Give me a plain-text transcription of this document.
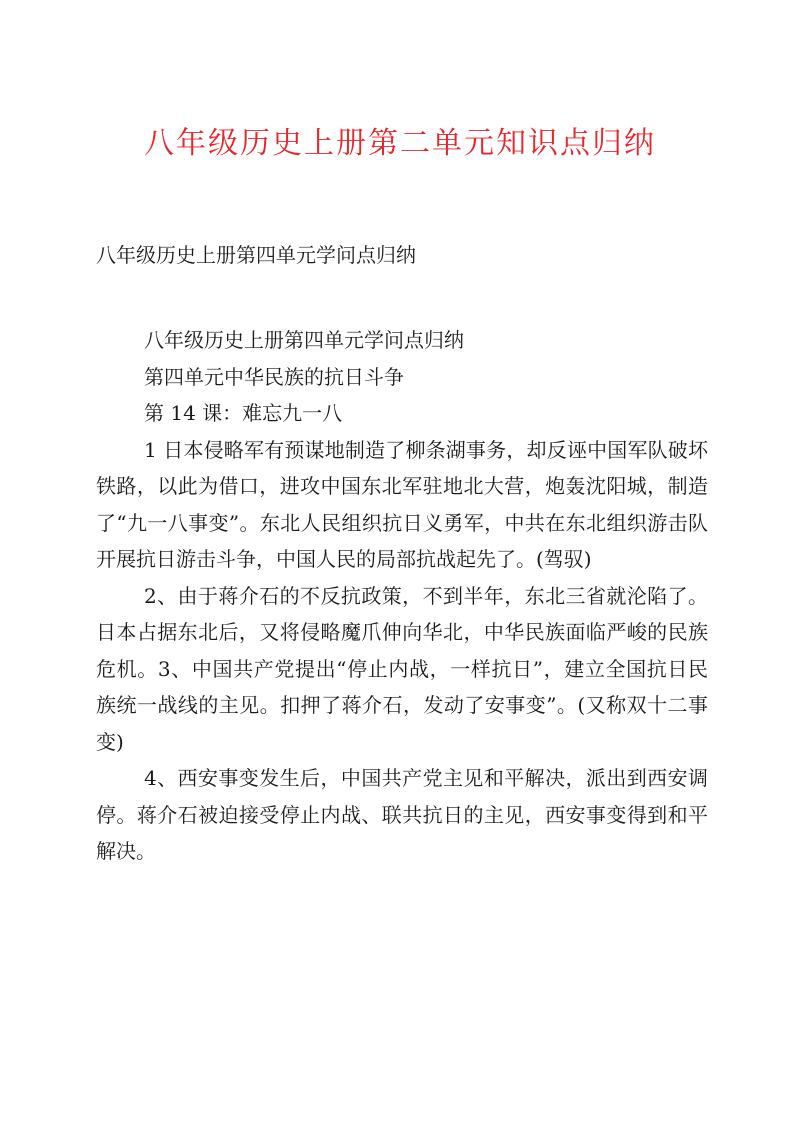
八年级历史上册第二单元知识点归纳
八年级历史上册第四单元学问点归纳

八年级历史上册第四单元学问点归纳

第四单元中华民族的抗日斗争

第 14 课：难忘九一八

1 日本侵略军有预谋地制造了柳条湖事务，却反诬中国军队破坏铁路，以此为借口，进攻中国东北军驻地北大营，炮轰沈阳城，制造了“九一八事变”。东北人民组织抗日义勇军，中共在东北组织游击队开展抗日游击斗争，中国人民的局部抗战起先了。(驾驭)

2、由于蒋介石的不反抗政策，不到半年，东北三省就沦陷了。日本占据东北后，又将侵略魔爪伸向华北，中华民族面临严峻的民族危机。3、中国共产党提出“停止内战，一样抗日”，建立全国抗日民族统一战线的主见。扣押了蒋介石，发动了安事变”。(又称双十二事变)

4、西安事变发生后，中国共产党主见和平解决，派出到西安调停。蒋介石被迫接受停止内战、联共抗日的主见，西安事变得到和平解决。
